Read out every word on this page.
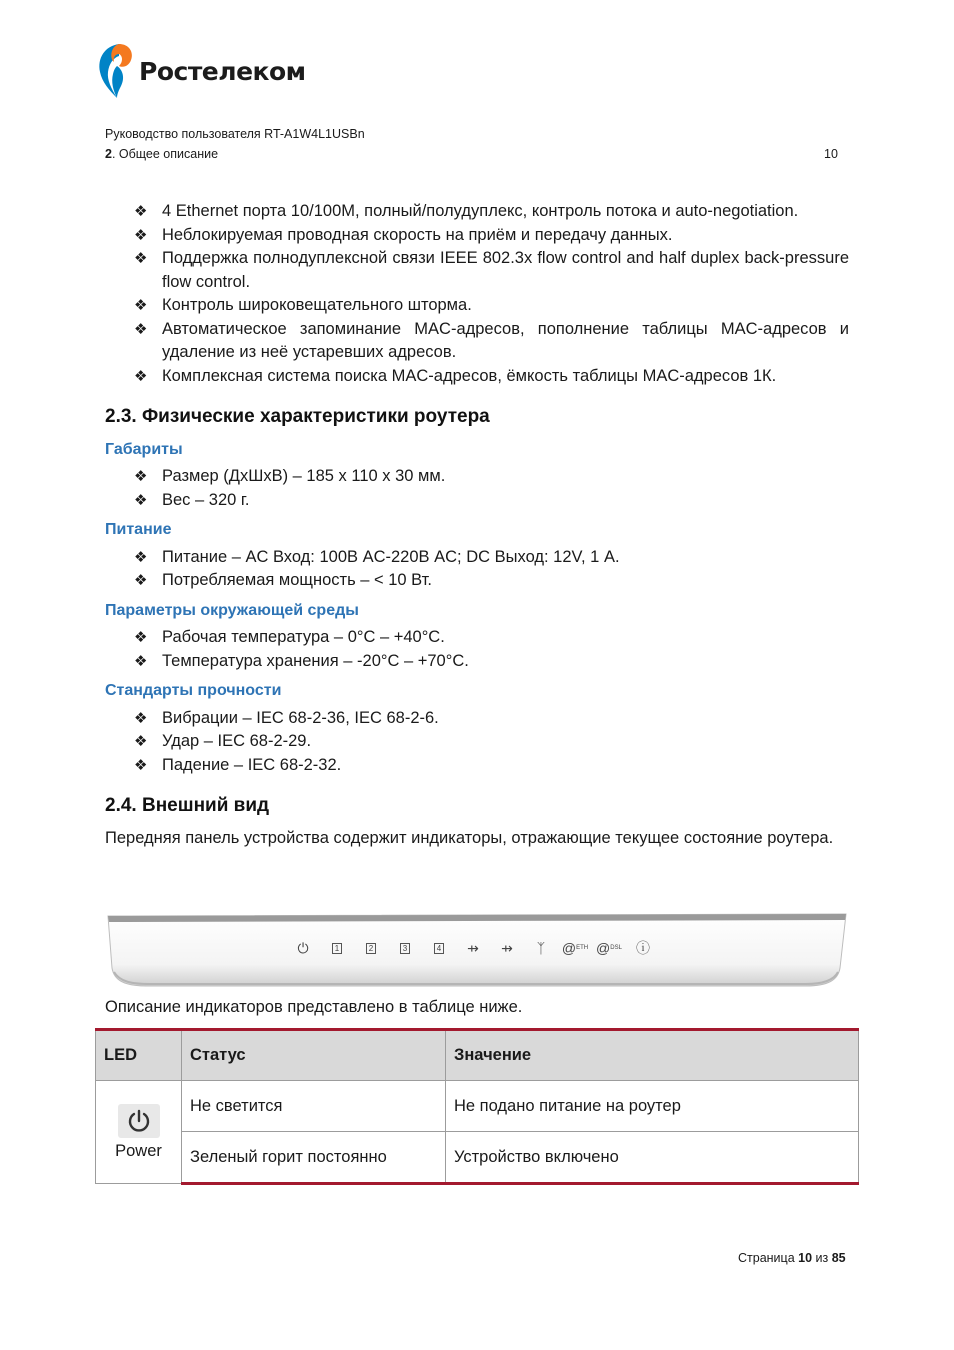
Ростелеком
Руководство пользователя RT-A1W4L1USBn
2. Общее описание	10
❖ 4 Ethernet порта 10/100M, полный/полудуплекс, контроль потока и auto-negotiation.
❖ Неблокируемая проводная скорость на приём и передачу данных.
❖ Поддержка полнодуплексной связи IEEE 802.3x flow control and half duplex back-pressure flow control.
❖ Контроль широковещательного шторма.
❖ Автоматическое запоминание MAC-адресов, пополнение таблицы MAC-адресов и удаление из неё устаревших адресов.
❖ Комплексная система поиска MAC-адресов, ёмкость таблицы MAC-адресов 1К.
2.3. Физические характеристики роутера
Габариты
❖ Размер (ДхШхВ) – 185 х 110 х 30 мм.
❖ Вес – 320 г.
Питание
❖ Питание – AC Вход: 100В AC-220В AC; DC Выход: 12V, 1 А.
❖ Потребляемая мощность – < 10 Вт.
Параметры окружающей среды
❖ Рабочая температура – 0°C – +40°C.
❖ Температура хранения – -20°C – +70°C.
Стандарты прочности
❖ Вибрации – IEC 68-2-36, IEC 68-2-6.
❖ Удар – IEC 68-2-29.
❖ Падение – IEC 68-2-32.
2.4. Внешний вид

Передняя панель устройства содержит индикаторы, отражающие текущее состояние роутера.

⏻	1	2	3	4	⇸	⇸	ᛉ	@ ETH @ DSL	ⓘ

Описание индикаторов представлено в таблице ниже.

LED	Статус	Значение

Power	Не светится	Не подано питание на роутер
	Зеленый горит постоянно	Устройство включено
Страница 10 из 85
